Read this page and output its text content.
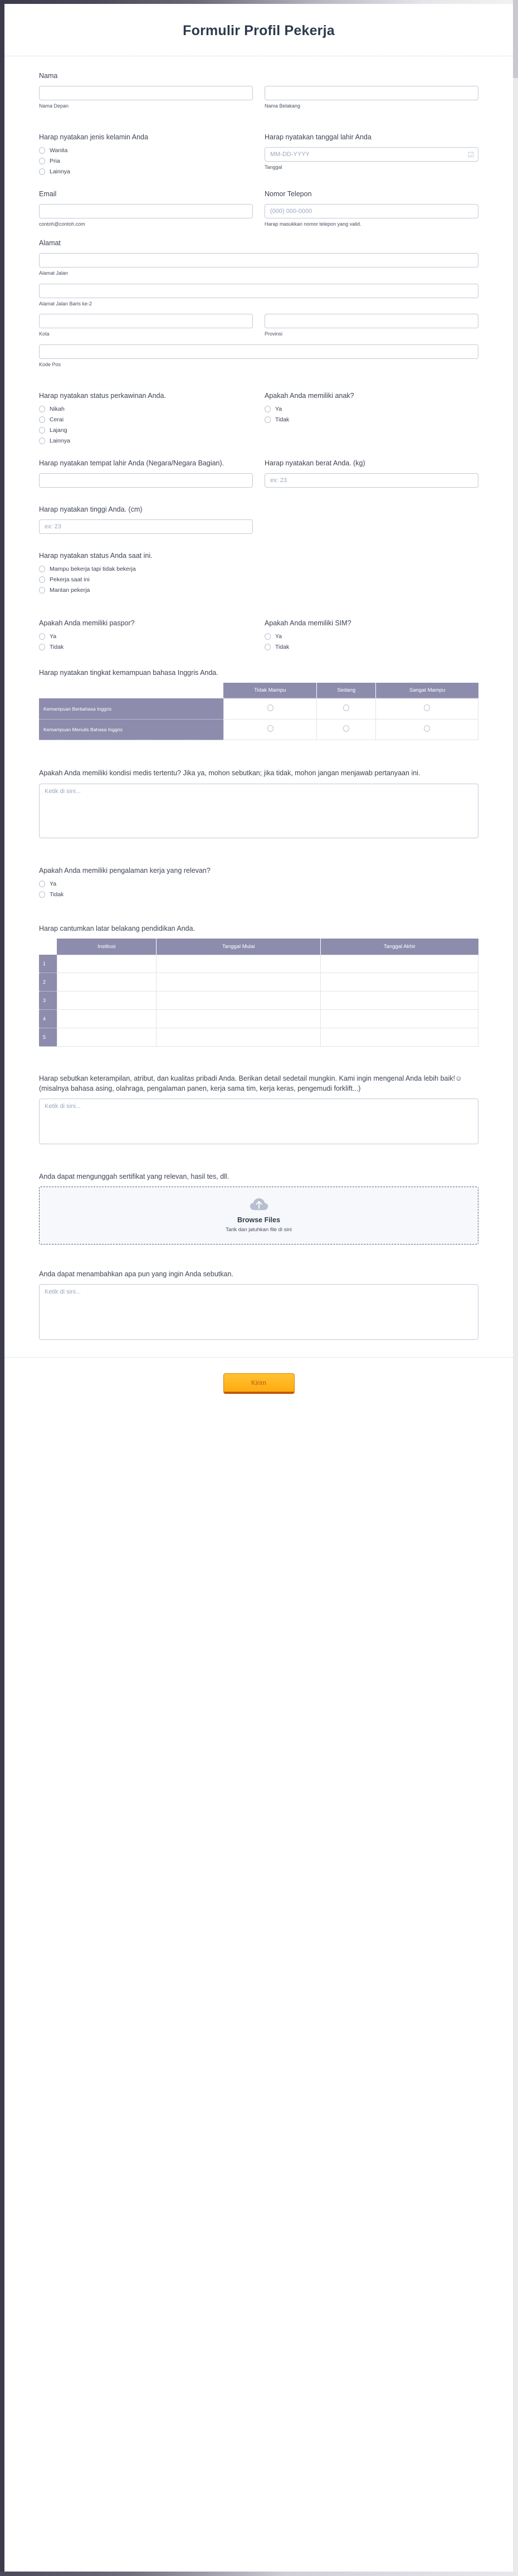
Formulir Profil Pekerja
Nama
Nama Depan	Nama Belakang
Harap nyatakan jenis kelamin Anda
Wanita
Pria
Lainnya
Harap nyatakan tanggal lahir Anda
MM-DD-YYYY
Tanggal
Email
contoh@contoh.com
Nomor Telepon
(000) 000-0000
Harap masukkan nomor telepon yang valid.
Alamat
Alamat Jalan
Alamat Jalan Baris ke-2
Kota	Provinsi
Kode Pos
Harap nyatakan status perkawinan Anda.
Nikah
Cerai
Lajang
Lainnya
Apakah Anda memiliki anak?
Ya
Tidak
Harap nyatakan tempat lahir Anda (Negara/Negara Bagian).	Harap nyatakan berat Anda. (kg)
ex: 23
Harap nyatakan tinggi Anda. (cm)
ex: 23
Harap nyatakan status Anda saat ini.
Mampu bekerja tapi tidak bekerja
Pekerja saat ini
Mantan pekerja
Apakah Anda memiliki paspor?
Ya
Tidak
Apakah Anda memiliki SIM?
Ya
Tidak
Harap nyatakan tingkat kemampuan bahasa Inggris Anda.
	Tidak Mampu	Sedang	Sangat Mampu
Kemampuan Berbahasa Inggris			
Kemampuan Menulis Bahasa Inggris			
Apakah Anda memiliki kondisi medis tertentu? Jika ya, mohon sebutkan; jika tidak, mohon jangan menjawab pertanyaan ini.
Ketik di sini...
Apakah Anda memiliki pengalaman kerja yang relevan?
Ya
Tidak
Harap cantumkan latar belakang pendidikan Anda.
	Institusi	Tanggal Mulai	Tanggal Akhir
1			
2			
3			
4			
5			
Harap sebutkan keterampilan, atribut, dan kualitas pribadi Anda. Berikan detail sedetail mungkin. Kami ingin mengenal Anda lebih baik!☺ (misalnya bahasa asing, olahraga, pengalaman panen, kerja sama tim, kerja keras, pengemudi forklift...)
Ketik di sini...
Anda dapat mengunggah sertifikat yang relevan, hasil tes, dll.
Browse Files
Tarik dan jatuhkan file di sini
Anda dapat menambahkan apa pun yang ingin Anda sebutkan.
Ketik di sini...
Kirim
